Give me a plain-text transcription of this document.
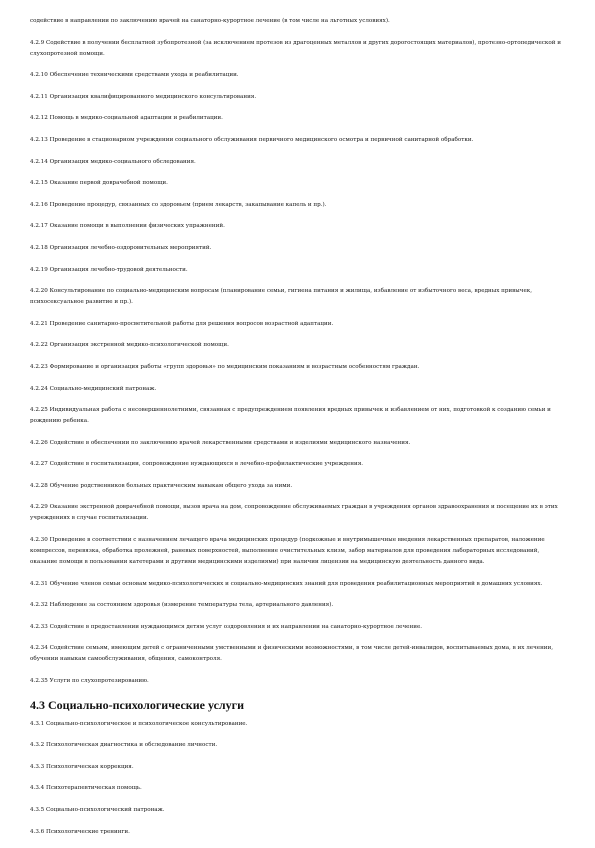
содействие в направлении по заключению врачей на санаторно-курортное лечение (в том числе на льготных условиях).
4.2.9 Содействие в получении бесплатной зубопротезной (за исключением протезов из драгоценных металлов и других дорогостоящих материалов), протезно-ортопедической и слухопротезной помощи.
4.2.10 Обеспечение техническими средствами ухода и реабилитации.
4.2.11 Организация квалифицированного медицинского консультирования.
4.2.12 Помощь в медико-социальной адаптации и реабилитации.
4.2.13 Проведение в стационарном учреждении социального обслуживания первичного медицинского осмотра и первичной санитарной обработки.
4.2.14 Организация медико-социального обследования.
4.2.15 Оказание первой доврачебной помощи.
4.2.16 Проведение процедур, связанных со здоровьем (прием лекарств, закапывание капель и пр.).
4.2.17 Оказание помощи в выполнении физических упражнений.
4.2.18 Организация лечебно-оздоровительных мероприятий.
4.2.19 Организация лечебно-трудовой деятельности.
4.2.20 Консультирование по социально-медицинским вопросам (планирование семьи, гигиена питания и жилища, избавление от избыточного веса, вредных привычек, психосексуальное развитие и пр.).
4.2.21 Проведение санитарно-просветительной работы для решения вопросов возрастной адаптации.
4.2.22 Организация экстренной медико-психологической помощи.
4.2.23 Формирование и организация работы «групп здоровья» по медицинским показаниям и возрастным особенностям граждан.
4.2.24 Социально-медицинский патронаж.
4.2.25 Индивидуальная работа с несовершеннолетними, связанная с предупреждением появления вредных привычек и избавлением от них, подготовкой к созданию семьи и рождению ребенка.
4.2.26 Содействие в обеспечении по заключению врачей лекарственными средствами и изделиями медицинского назначения.
4.2.27 Содействие в госпитализации, сопровождение нуждающихся в лечебно-профилактические учреждения.
4.2.28 Обучение родственников больных практическим навыкам общего ухода за ними.
4.2.29 Оказание экстренной доврачебной помощи, вызов врача на дом, сопровождение обслуживаемых граждан в учреждения органов здравоохранения и посещение их в этих учреждениях в случае госпитализации.
4.2.30 Проведение в соответствии с назначением лечащего врача медицинских процедур (подкожные и внутримышечные введения лекарственных препаратов, наложение компрессов, перевязка, обработка пролежней, раневых поверхностей, выполнение очистительных клизм, забор материалов для проведения лабораторных исследований, оказание помощи в пользовании катетерами и другими медицинскими изделиями) при наличии лицензии на медицинскую деятельность данного вида.
4.2.31 Обучение членов семьи основам медико-психологических и социально-медицинских знаний для проведения реабилитационных мероприятий в домашних условиях.
4.2.32 Наблюдение за состоянием здоровья (измерение температуры тела, артериального давления).
4.2.33 Содействие в предоставлении нуждающимся детям услуг оздоровления и их направлении на санаторно-курортное лечение.
4.2.34 Содействие семьям, имеющим детей с ограниченными умственными и физическими возможностями, в том числе детей-инвалидов, воспитываемых дома, в их лечении, обучении навыкам самообслуживания, общения, самоконтроля.
4.2.35 Услуги по слухопротезированию.
4.3 Социально-психологические услуги
4.3.1 Социально-психологическое и психологическое консультирование.
4.3.2 Психологическая диагностика и обследование личности.
4.3.3 Психологическая коррекция.
4.3.4 Психотерапевтическая помощь.
4.3.5 Социально-психологический патронаж.
4.3.6 Психологические тренинги.
